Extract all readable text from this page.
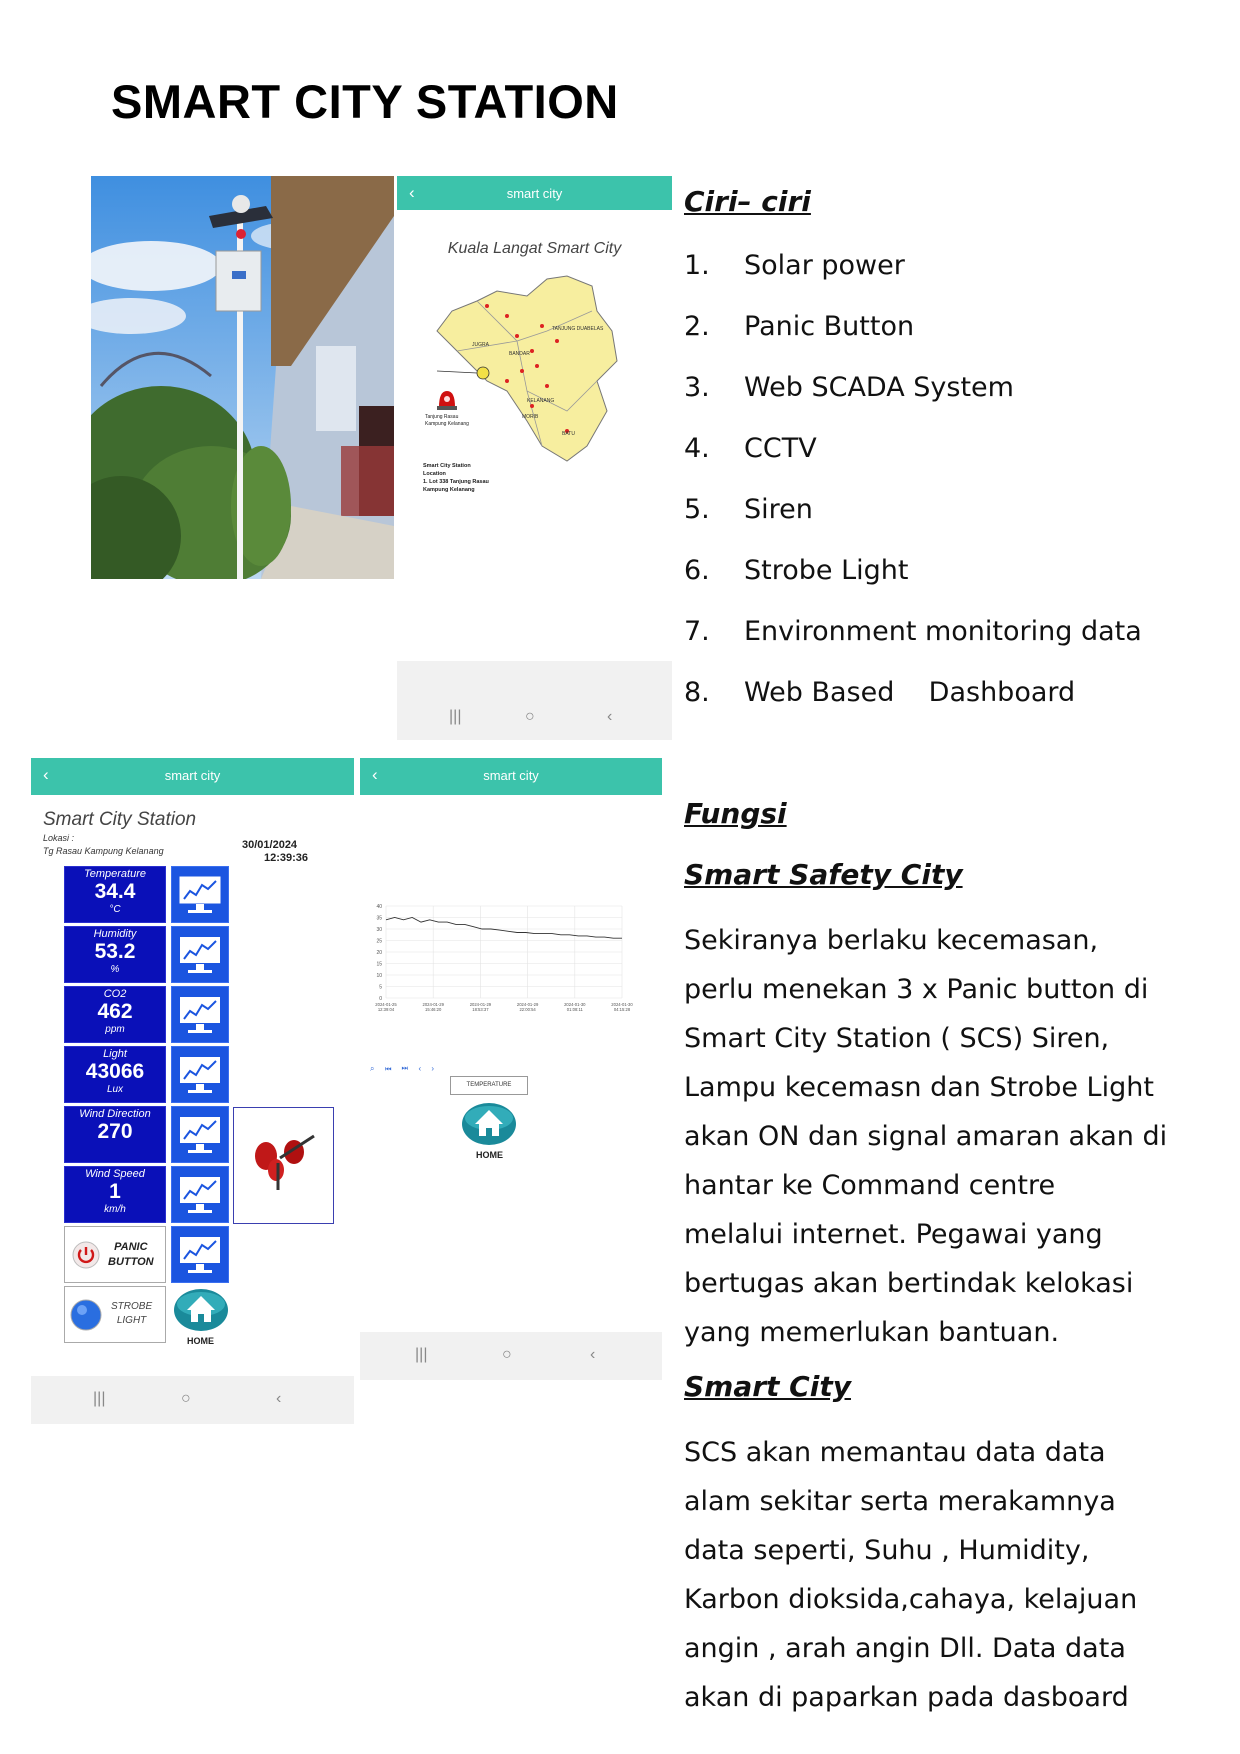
SMART CITY STATION
‹	smart city
Kuala Langat Smart City
JUGRA
BANDAR
TANJUNG DUABELAS
KELANANG
MORIB
BATU
Tanjung Rasau Kampung Kelanang
Smart City Station
Location
1. Lot 338 Tanjung Rasau
Kampung Kelanang
|||	○	‹
‹	smart city
Smart City Station
Lokasi :
Tg Rasau Kampung Kelanang	30/01/2024
12:39:36
Temperature
34.4
°C
Humidity
53.2
%
CO2
462
ppm
Light
43066
Lux
Wind Direction
270
Wind Speed
1
km/h
PANIC
BUTTON
STROBE
LIGHT
HOME
|||	○	‹
‹	smart city
0
5
10
15
20
25
30
35
40
2024-01-25
12:39:04
2024-01-29
15:46:20
2024-01-29
18:53:37
2024-01-29
22:00:54
2024-01-30
01:08:11
2024-01-30
04:15:28
⌕ ⏮ ⏭ ‹ ›
TEMPERATURE
HOME
|||	○	‹
Ciri– ciri
1. Solar power
2. Panic Button
3. Web SCADA System
4. CCTV
5. Siren
6. Strobe Light
7. Environment monitoring data
8. Web Based    Dashboard
Fungsi
Smart Safety City
Sekiranya berlaku kecemasan,
perlu menekan 3 x Panic button di
Smart City Station ( SCS) Siren,
Lampu kecemasn dan Strobe Light
akan ON dan signal amaran akan di
hantar ke Command centre
melalui internet. Pegawai yang
bertugas akan bertindak kelokasi
yang memerlukan bantuan.
Smart City
SCS akan memantau data data
alam sekitar serta merakamnya
data seperti, Suhu , Humidity,
Karbon dioksida,cahaya, kelajuan
angin , arah angin Dll. Data data
akan di paparkan pada dasboard
